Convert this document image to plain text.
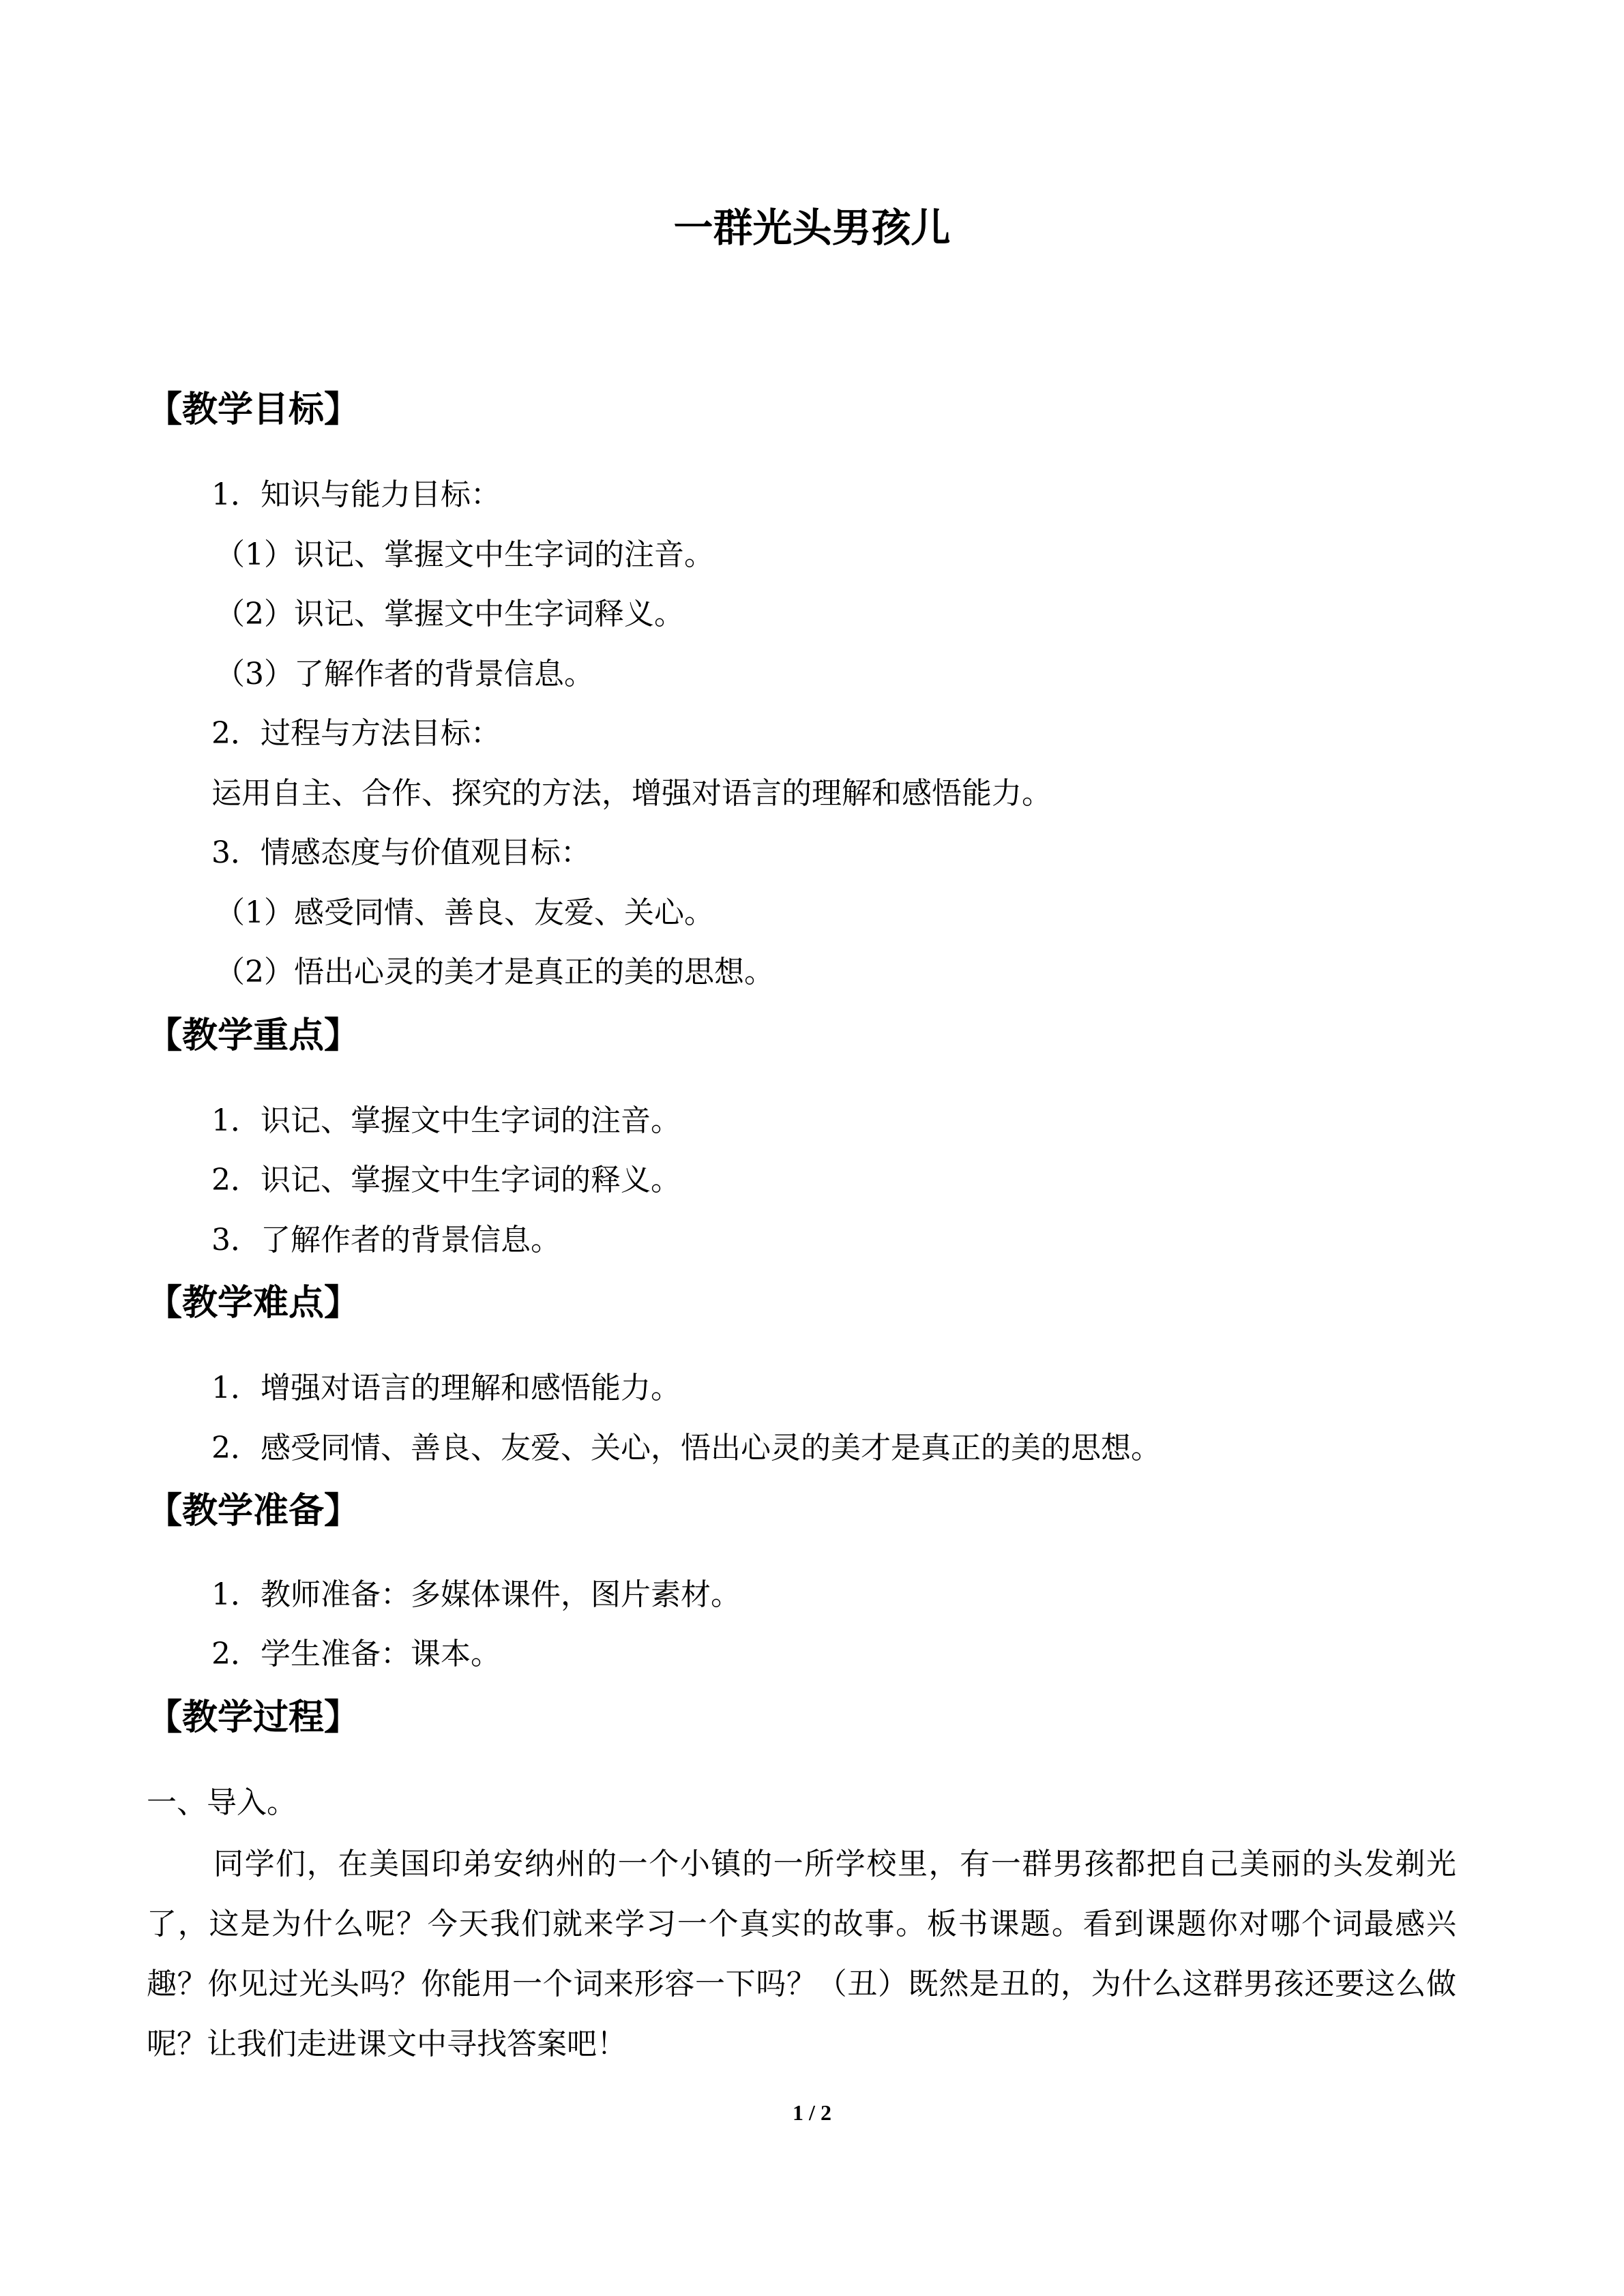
一群光头男孩儿
【教学目标】
1．知识与能力目标：
（1）识记、掌握文中生字词的注音。
（2）识记、掌握文中生字词释义。
（3）了解作者的背景信息。
2．过程与方法目标：
运用自主、合作、探究的方法，增强对语言的理解和感悟能力。
3．情感态度与价值观目标：
（1）感受同情、善良、友爱、关心。
（2）悟出心灵的美才是真正的美的思想。
【教学重点】
1．识记、掌握文中生字词的注音。
2．识记、掌握文中生字词的释义。
3．了解作者的背景信息。
【教学难点】
1．增强对语言的理解和感悟能力。
2．感受同情、善良、友爱、关心，悟出心灵的美才是真正的美的思想。
【教学准备】
1．教师准备：多媒体课件，图片素材。
2．学生准备：课本。
【教学过程】
一、导入。
同学们，在美国印弟安纳州的一个小镇的一所学校里，有一群男孩都把自己美丽的头发剃光了，这是为什么呢？今天我们就来学习一个真实的故事。板书课题。看到课题你对哪个词最感兴趣？你见过光头吗？你能用一个词来形容一下吗？（丑）既然是丑的，为什么这群男孩还要这么做呢？让我们走进课文中寻找答案吧！
1 / 2
